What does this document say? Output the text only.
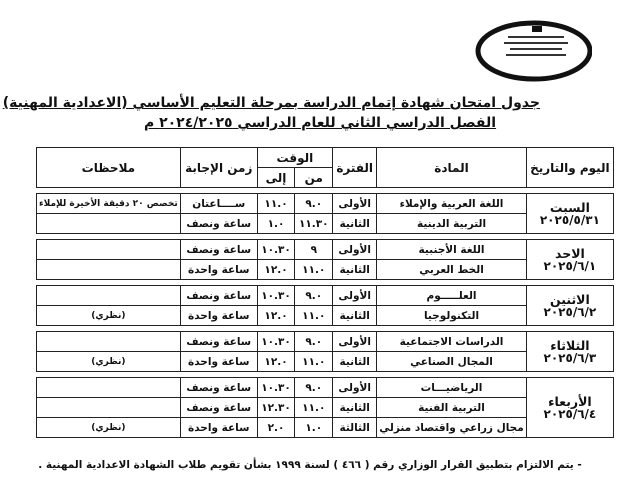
جدول امتحان شهادة إتمام الدراسة بمرحلة التعليم الأساسي (الاعدادية المهنية)
الفصل الدراسي الثاني للعام الدراسي ٢٠٢٤/٢٠٢٥ م
اليوم والتاريخ	المادة	الفترة	الوقت		زمن الإجابة	ملاحظات
			من	إلى		

السبت
٢٠٢٥/٥/٣١	اللغة العربية والإملاء	الأولى	٩.٠	١١.٠	ســــاعتان	تخصص ٢٠ دقيقة الأخيرة للإملاء
	التربية الدينية	الثانية	١١.٣٠	١.٠	ساعة ونصف	

الاحد
٢٠٢٥/٦/١	اللغة الأجنبية	الأولى	٩	١٠.٣٠	ساعة ونصف	
	الخط العربي	الثانية	١١.٠	١٢.٠	ساعة واحدة	

الاثنين
٢٠٢٥/٦/٢	العلـــــوم	الأولى	٩.٠	١٠.٣٠	ساعة ونصف	
	التكنولوجيا	الثانية	١١.٠	١٢.٠	ساعة واحدة	(نظري)

الثلاثاء
٢٠٢٥/٦/٣	الدراسات الاجتماعية	الأولى	٩.٠	١٠.٣٠	ساعة ونصف	
	المجال الصناعي	الثانية	١١.٠	١٢.٠	ساعة واحدة	(نظري)

الأربعاء
٢٠٢٥/٦/٤	الرياضيـــات	الأولى	٩.٠	١٠.٣٠	ساعة ونصف	
	التربية الفنية	الثانية	١١.٠	١٢.٣٠	ساعة ونصف	
	مجال زراعي واقتصاد منزلي	الثالثة	١.٠	٢.٠	ساعة واحدة	(نظري)
- يتم الالتزام بتطبيق القرار الوزاري رقم ( ٤٦٦ ) لسنة ١٩٩٩ بشأن تقويم طلاب الشهادة الاعدادية المهنية .
